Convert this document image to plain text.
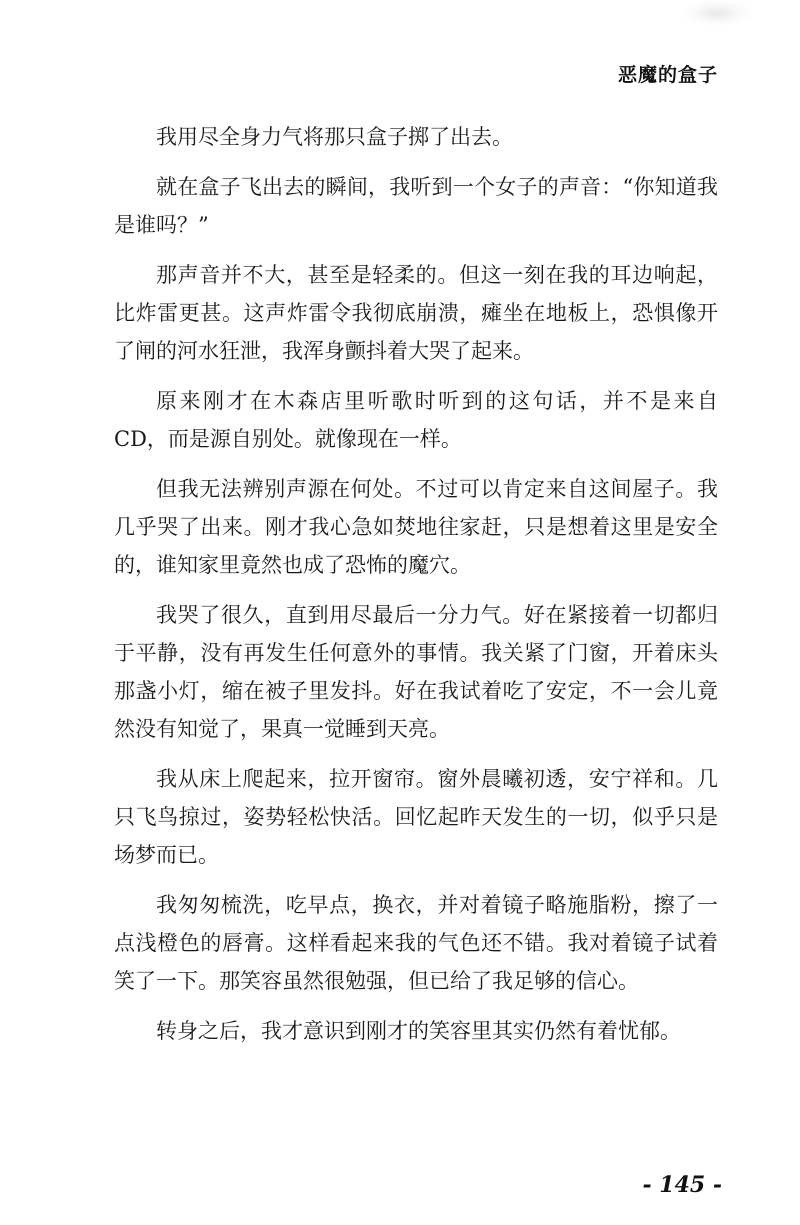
恶魔的盒子

我用尽全身力气将那只盒子掷了出去。

就在盒子飞出去的瞬间，我听到一个女子的声音：“你知道我是谁吗？”

那声音并不大，甚至是轻柔的。但这一刻在我的耳边响起，比炸雷更甚。这声炸雷令我彻底崩溃，瘫坐在地板上，恐惧像开了闸的河水狂泄，我浑身颤抖着大哭了起来。

原来刚才在木森店里听歌时听到的这句话，并不是来自 CD，而是源自别处。就像现在一样。

但我无法辨别声源在何处。不过可以肯定来自这间屋子。我几乎哭了出来。刚才我心急如焚地往家赶，只是想着这里是安全的，谁知家里竟然也成了恐怖的魔穴。

我哭了很久，直到用尽最后一分力气。好在紧接着一切都归于平静，没有再发生任何意外的事情。我关紧了门窗，开着床头那盏小灯，缩在被子里发抖。好在我试着吃了安定，不一会儿竟然没有知觉了，果真一觉睡到天亮。

我从床上爬起来，拉开窗帘。窗外晨曦初透，安宁祥和。几只飞鸟掠过，姿势轻松快活。回忆起昨天发生的一切，似乎只是场梦而已。

我匆匆梳洗，吃早点，换衣，并对着镜子略施脂粉，擦了一点浅橙色的唇膏。这样看起来我的气色还不错。我对着镜子试着笑了一下。那笑容虽然很勉强，但已给了我足够的信心。

转身之后，我才意识到刚才的笑容里其实仍然有着忧郁。

- 145 -
